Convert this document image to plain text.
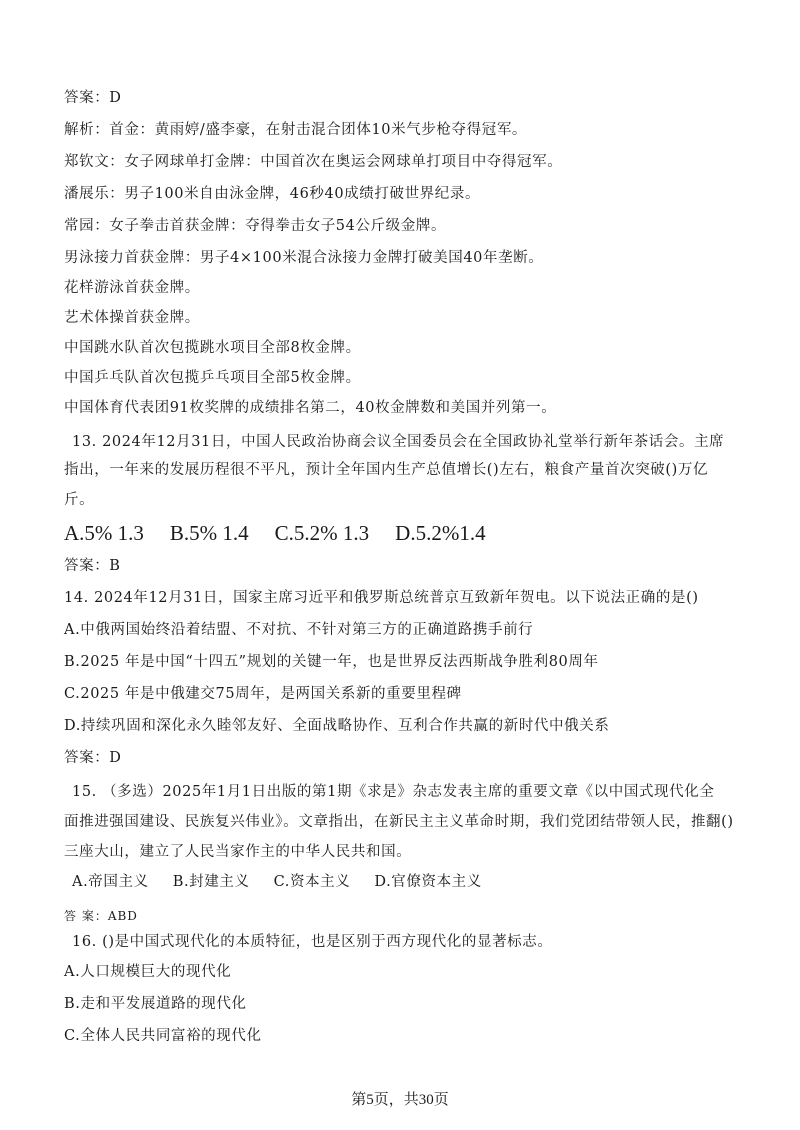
答案：D
解析：首金：黄雨婷/盛李豪，在射击混合团体10米气步枪夺得冠军。
郑钦文：女子网球单打金牌：中国首次在奥运会网球单打项目中夺得冠军。
潘展乐：男子100米自由泳金牌，46秒40成绩打破世界纪录。
常园：女子拳击首获金牌：夺得拳击女子54公斤级金牌。
男泳接力首获金牌：男子4×100米混合泳接力金牌打破美国40年垄断。
花样游泳首获金牌。
艺术体操首获金牌。
中国跳水队首次包揽跳水项目全部8枚金牌。
中国乒乓队首次包揽乒乓项目全部5枚金牌。
中国体育代表团91枚奖牌的成绩排名第二，40枚金牌数和美国并列第一。
13. 2024年12月31日，中国人民政治协商会议全国委员会在全国政协礼堂举行新年茶话会。主席
指出，一年来的发展历程很不平凡，预计全年国内生产总值增长()左右，粮食产量首次突破()万亿
斤。
A.5% 1.3 B.5% 1.4 C.5.2% 1.3 D.5.2%1.4
答案：B
14. 2024年12月31日，国家主席习近平和俄罗斯总统普京互致新年贺电。以下说法正确的是()
A.中俄两国始终沿着结盟、不对抗、不针对第三方的正确道路携手前行
B.2025 年是中国“十四五”规划的关键一年，也是世界反法西斯战争胜利80周年
C.2025 年是中俄建交75周年，是两国关系新的重要里程碑
D.持续巩固和深化永久睦邻友好、全面战略协作、互利合作共赢的新时代中俄关系
答案：D
15. （多选）2025年1月1日出版的第1期《求是》杂志发表主席的重要文章《以中国式现代化全
面推进强国建设、民族复兴伟业》。文章指出，在新民主主义革命时期，我们党团结带领人民，推翻()
三座大山，建立了人民当家作主的中华人民共和国。
A.帝国主义 B.封建主义 C.资本主义 D.官僚资本主义
答 案：ABD
16. ()是中国式现代化的本质特征，也是区别于西方现代化的显著标志。
A.人口规模巨大的现代化
B.走和平发展道路的现代化
C.全体人民共同富裕的现代化
第5页，共30页
